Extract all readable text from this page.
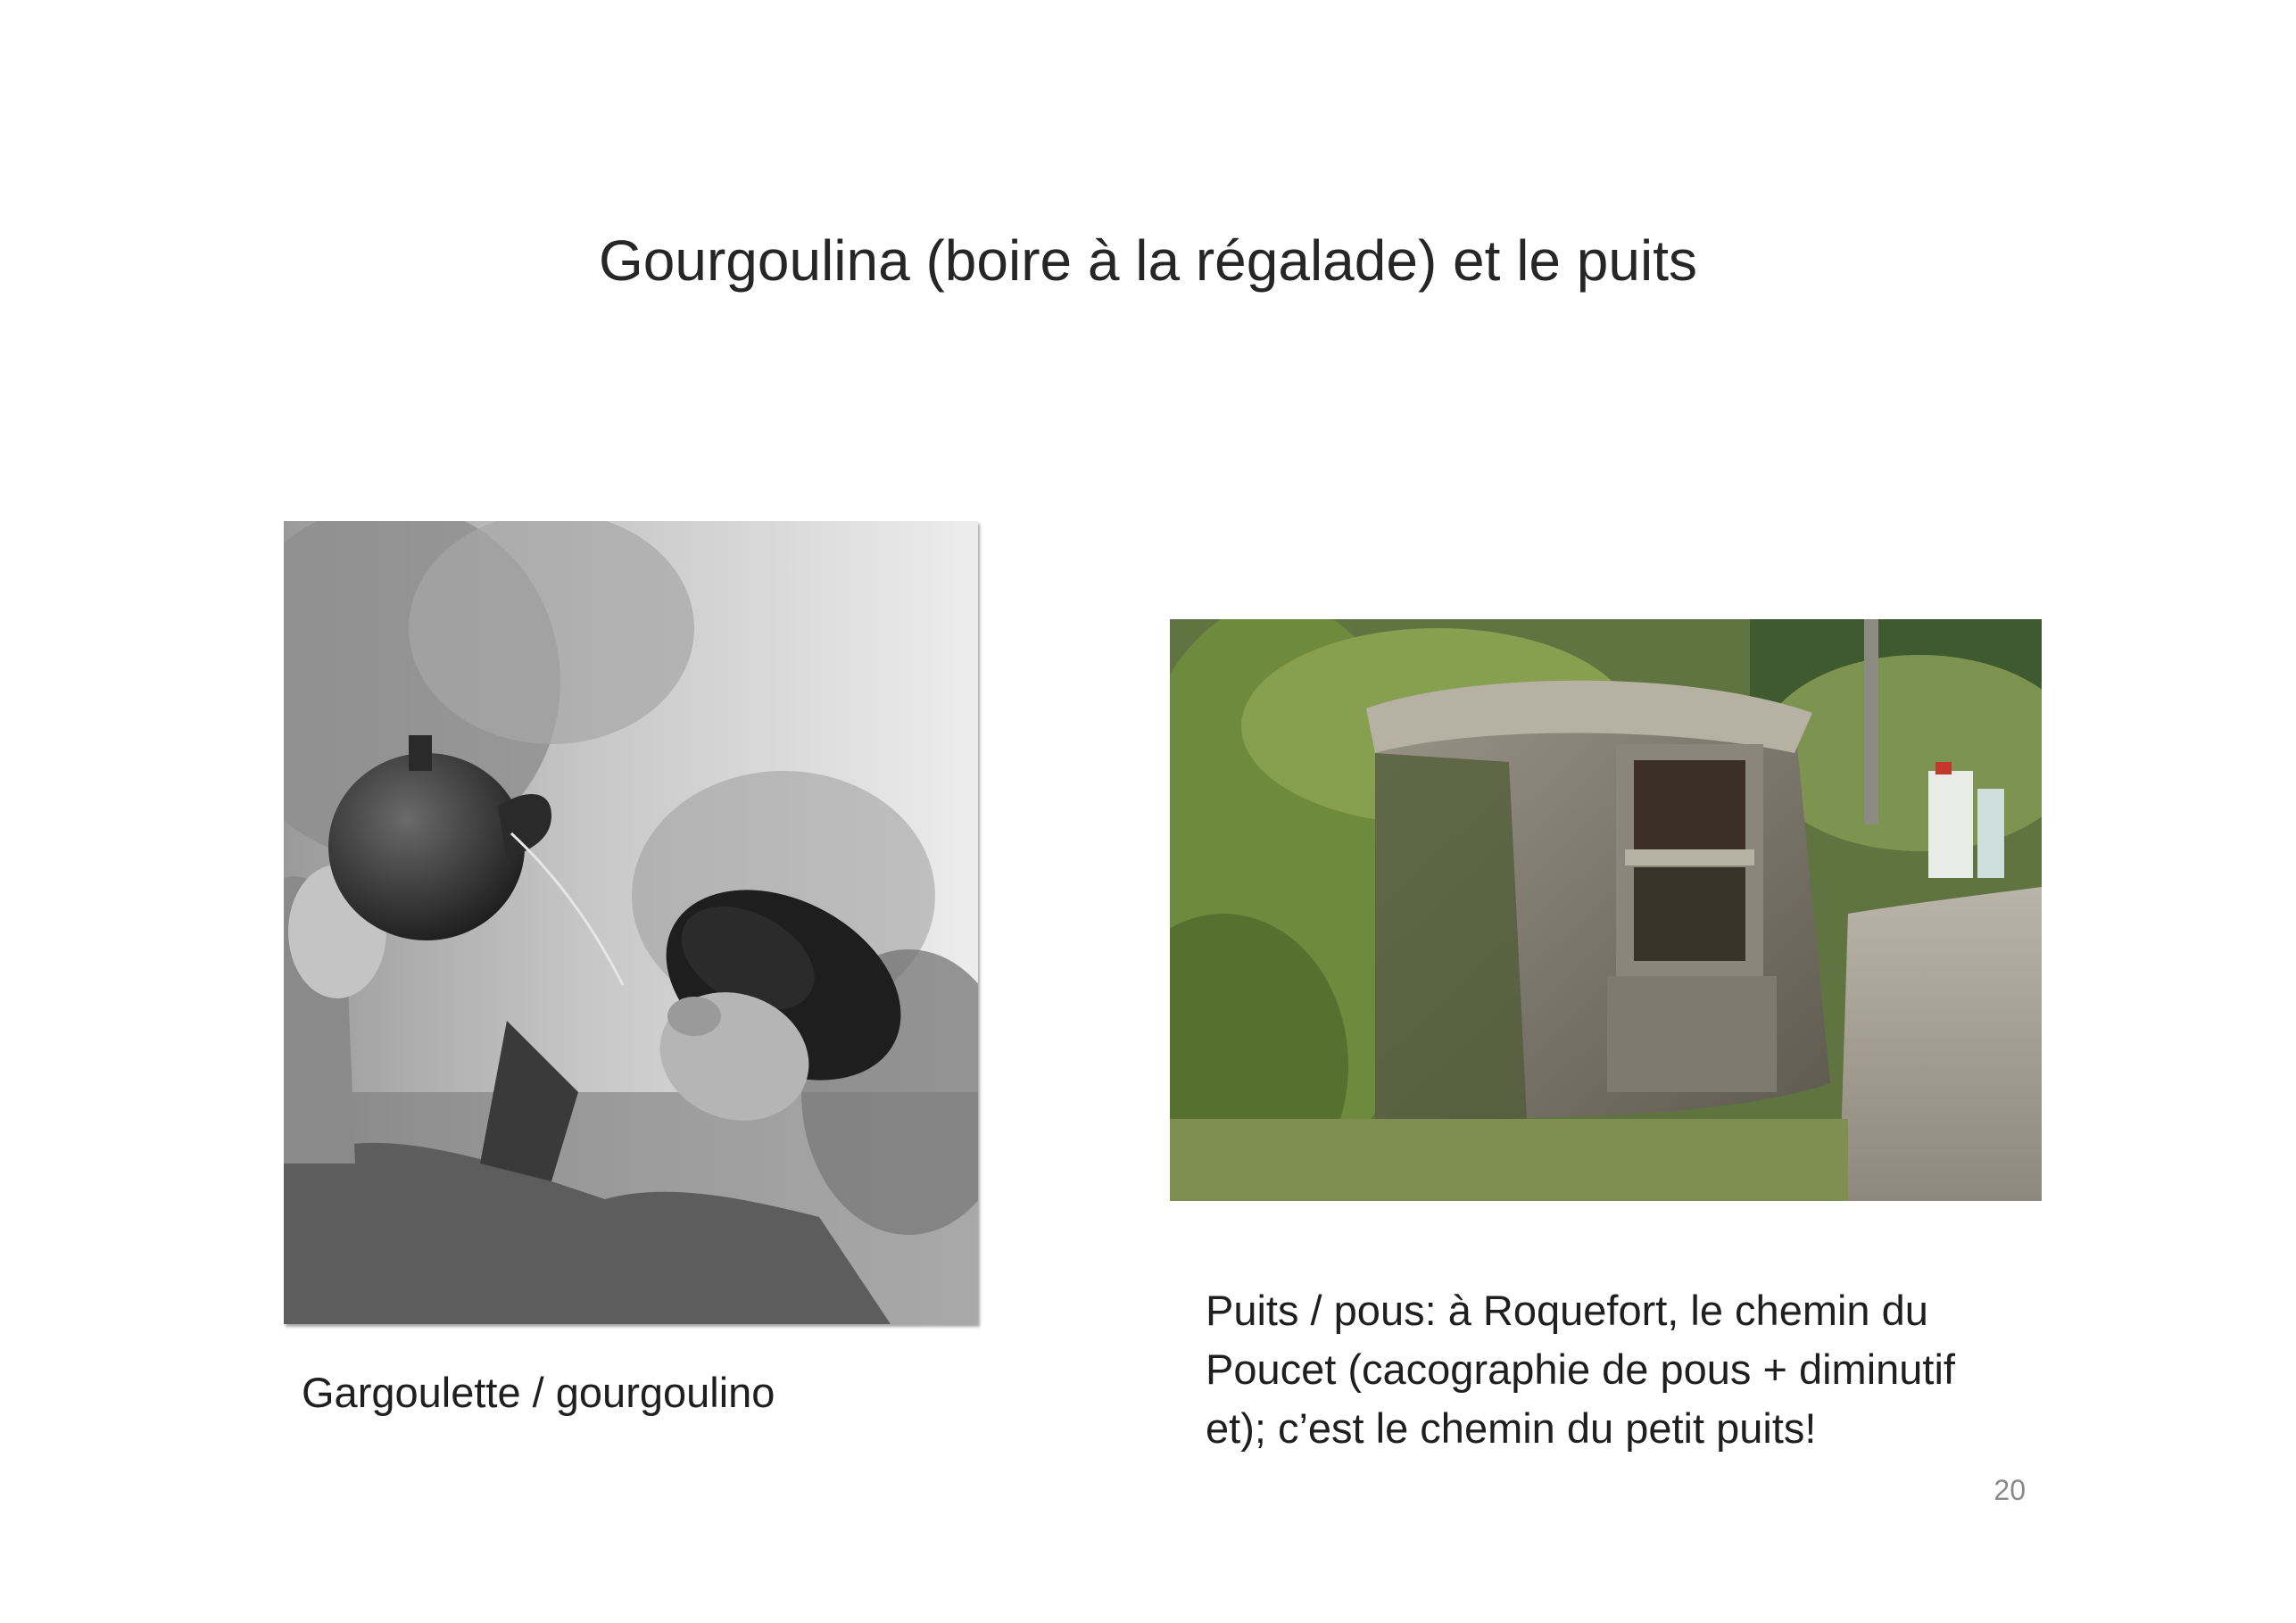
Gourgoulina (boire à la régalade) et le puits

Gargoulette / gourgoulino

Puits / pous: à Roquefort, le chemin du
Poucet (cacographie de pous + diminutif
et); c’est le chemin du petit puits!

20
